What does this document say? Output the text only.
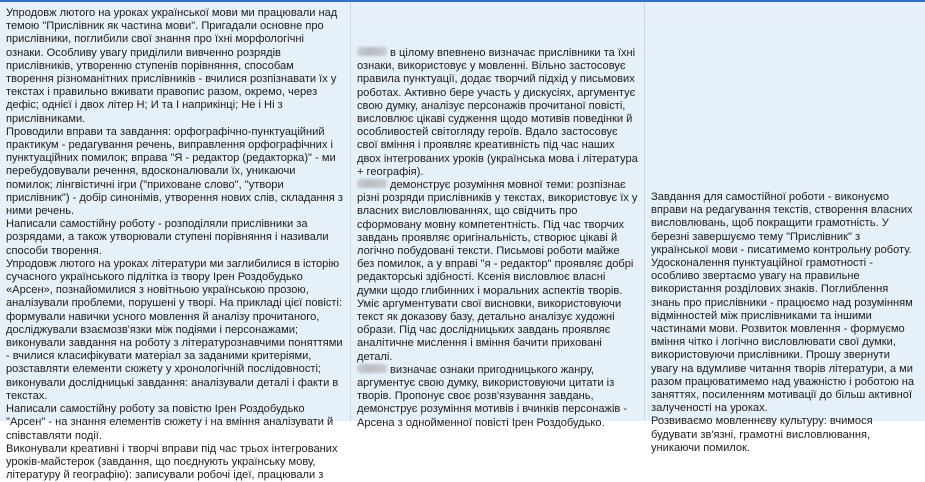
Упродовж лютого на уроках української мови ми працювали над темою "Прислівник як частина мови". Пригадали основне про прислівники, поглибили свої знання про їхні морфологічні ознаки. Особливу увагу приділили вивченно розрядів прислівників, утворенню ступенів порівняння, способам творення різноманітних прислівників - вчилися розпізнавати їх у текстах і правильно вживати правопис разом, окремо, через дефіс; однієї і двох літер Н; И та І наприкінці; Не і Ні з прислівниками.

Проводили вправи та завдання: орфографічно-пунктуаційний практикум - редагування речень, виправлення орфографічних і пунктуаційних помилок; вправа "Я - редактор (редакторка)" - ми перебудовували речення, вдосконалювали їх, уникаючи помилок; лінгвістичні ігри ("приховане слово", "утвори прислівник") - добір синонімів, утворення нових слів, складання з ними речень.

Написали самостійну роботу - розподіляли прислівники за розрядами, а також утворювали ступені порівняння і називали способи творення.

Упродовж лютого на уроках літератури ми заглибилися в історію сучасного українського підлітка із твору Ірен Роздобудько «Арсен», познайомилися з новітньою українською прозою, аналізували проблеми, порушені у творі. На прикладі цієї повісті: формували навички усного мовлення й аналізу прочитаного, досліджували взаємозв'язки між подіями і персонажами; виконували завдання на роботу з літературознавчими поняттями - вчилися класифікувати матеріал за заданими критеріями, розставляти елементи сюжету у хронологічній послідовності; виконували дослідницькі завдання: аналізували деталі і факти в текстах.

Написали самостійну роботу за повістю Ірен Роздобудько "Арсен" - на знання елементів сюжету і на вміння аналізувати й співставляти події.

Виконували креативні і творчі вправи під час трьох інтегрованих уроків-майстерок (завдання, що поєднують українську мову, літературу й географію): записували робочі ідеї, працювали з

в цілому впевнено визначає прислівники та їхні ознаки, використовує у мовленні. Вільно застосовує правила пунктуації, додає творчий підхід у письмових роботах. Активно бере участь у дискусіях, аргументує свою думку, аналізує персонажів прочитаної повісті, висловлює цікаві судження щодо мотивів поведінки й особливостей світогляду героїв. Вдало застосовує свої вміння і проявляє креативність під час наших двох інтегрованих уроків (українська мова і література + географія).

демонструє розуміння мовної теми: розпізнає різні розряди прислівників у текстах, використовує їх у власних висловлюваннях, що свідчить про сформовану мовну компетентність. Під час творчих завдань проявляє оригінальність, створює цікаві й логічно побудовані тексти. Письмові роботи майже без помилок, а у вправі "я - редактор" проявляє добрі редакторські здібності. Ксенія висловлює власні думки щодо глибинних і моральних аспектів творів. Уміє аргументувати свої висновки, використовуючи текст як доказову базу, детально аналізує художні образи. Під час дослідницьких завдань проявляє аналітичне мислення і вміння бачити приховані деталі.

визначає ознаки пригодницького жанру, аргументує свою думку, використовуючи цитати із творів. Пропонує своє розв'язування завдань, демонструє розуміння мотивів і вчинків персонажів - Арсена з однойменної повісті Ірен Роздобудько.

Завдання для самостійної роботи - виконуємо вправи на редагування текстів, створення власних висловлювань, щоб покращити грамотність. У березні завершуємо тему "Прислівник" з української мови - писатимемо контрольну роботу.

Удосконалення пунктуаційної грамотності - особливо звертаємо увагу на правильне використання розділових знаків. Поглиблення знань про прислівники - працюємо над розумінням відмінностей між прислівниками та іншими частинами мови. Розвиток мовлення - формуємо вміння чітко і логічно висловлювати свої думки, використовуючи прислівники. Прошу звернути увагу на вдумливе читання творів літератури, а ми разом працюватимемо над уважністю і роботою на заняттях, посиленням мотивації до більш активної залученості на уроках.

Розвиваємо мовленнєву культуру: вчимося будувати зв'язні, грамотні висловлювання, уникаючи помилок.
